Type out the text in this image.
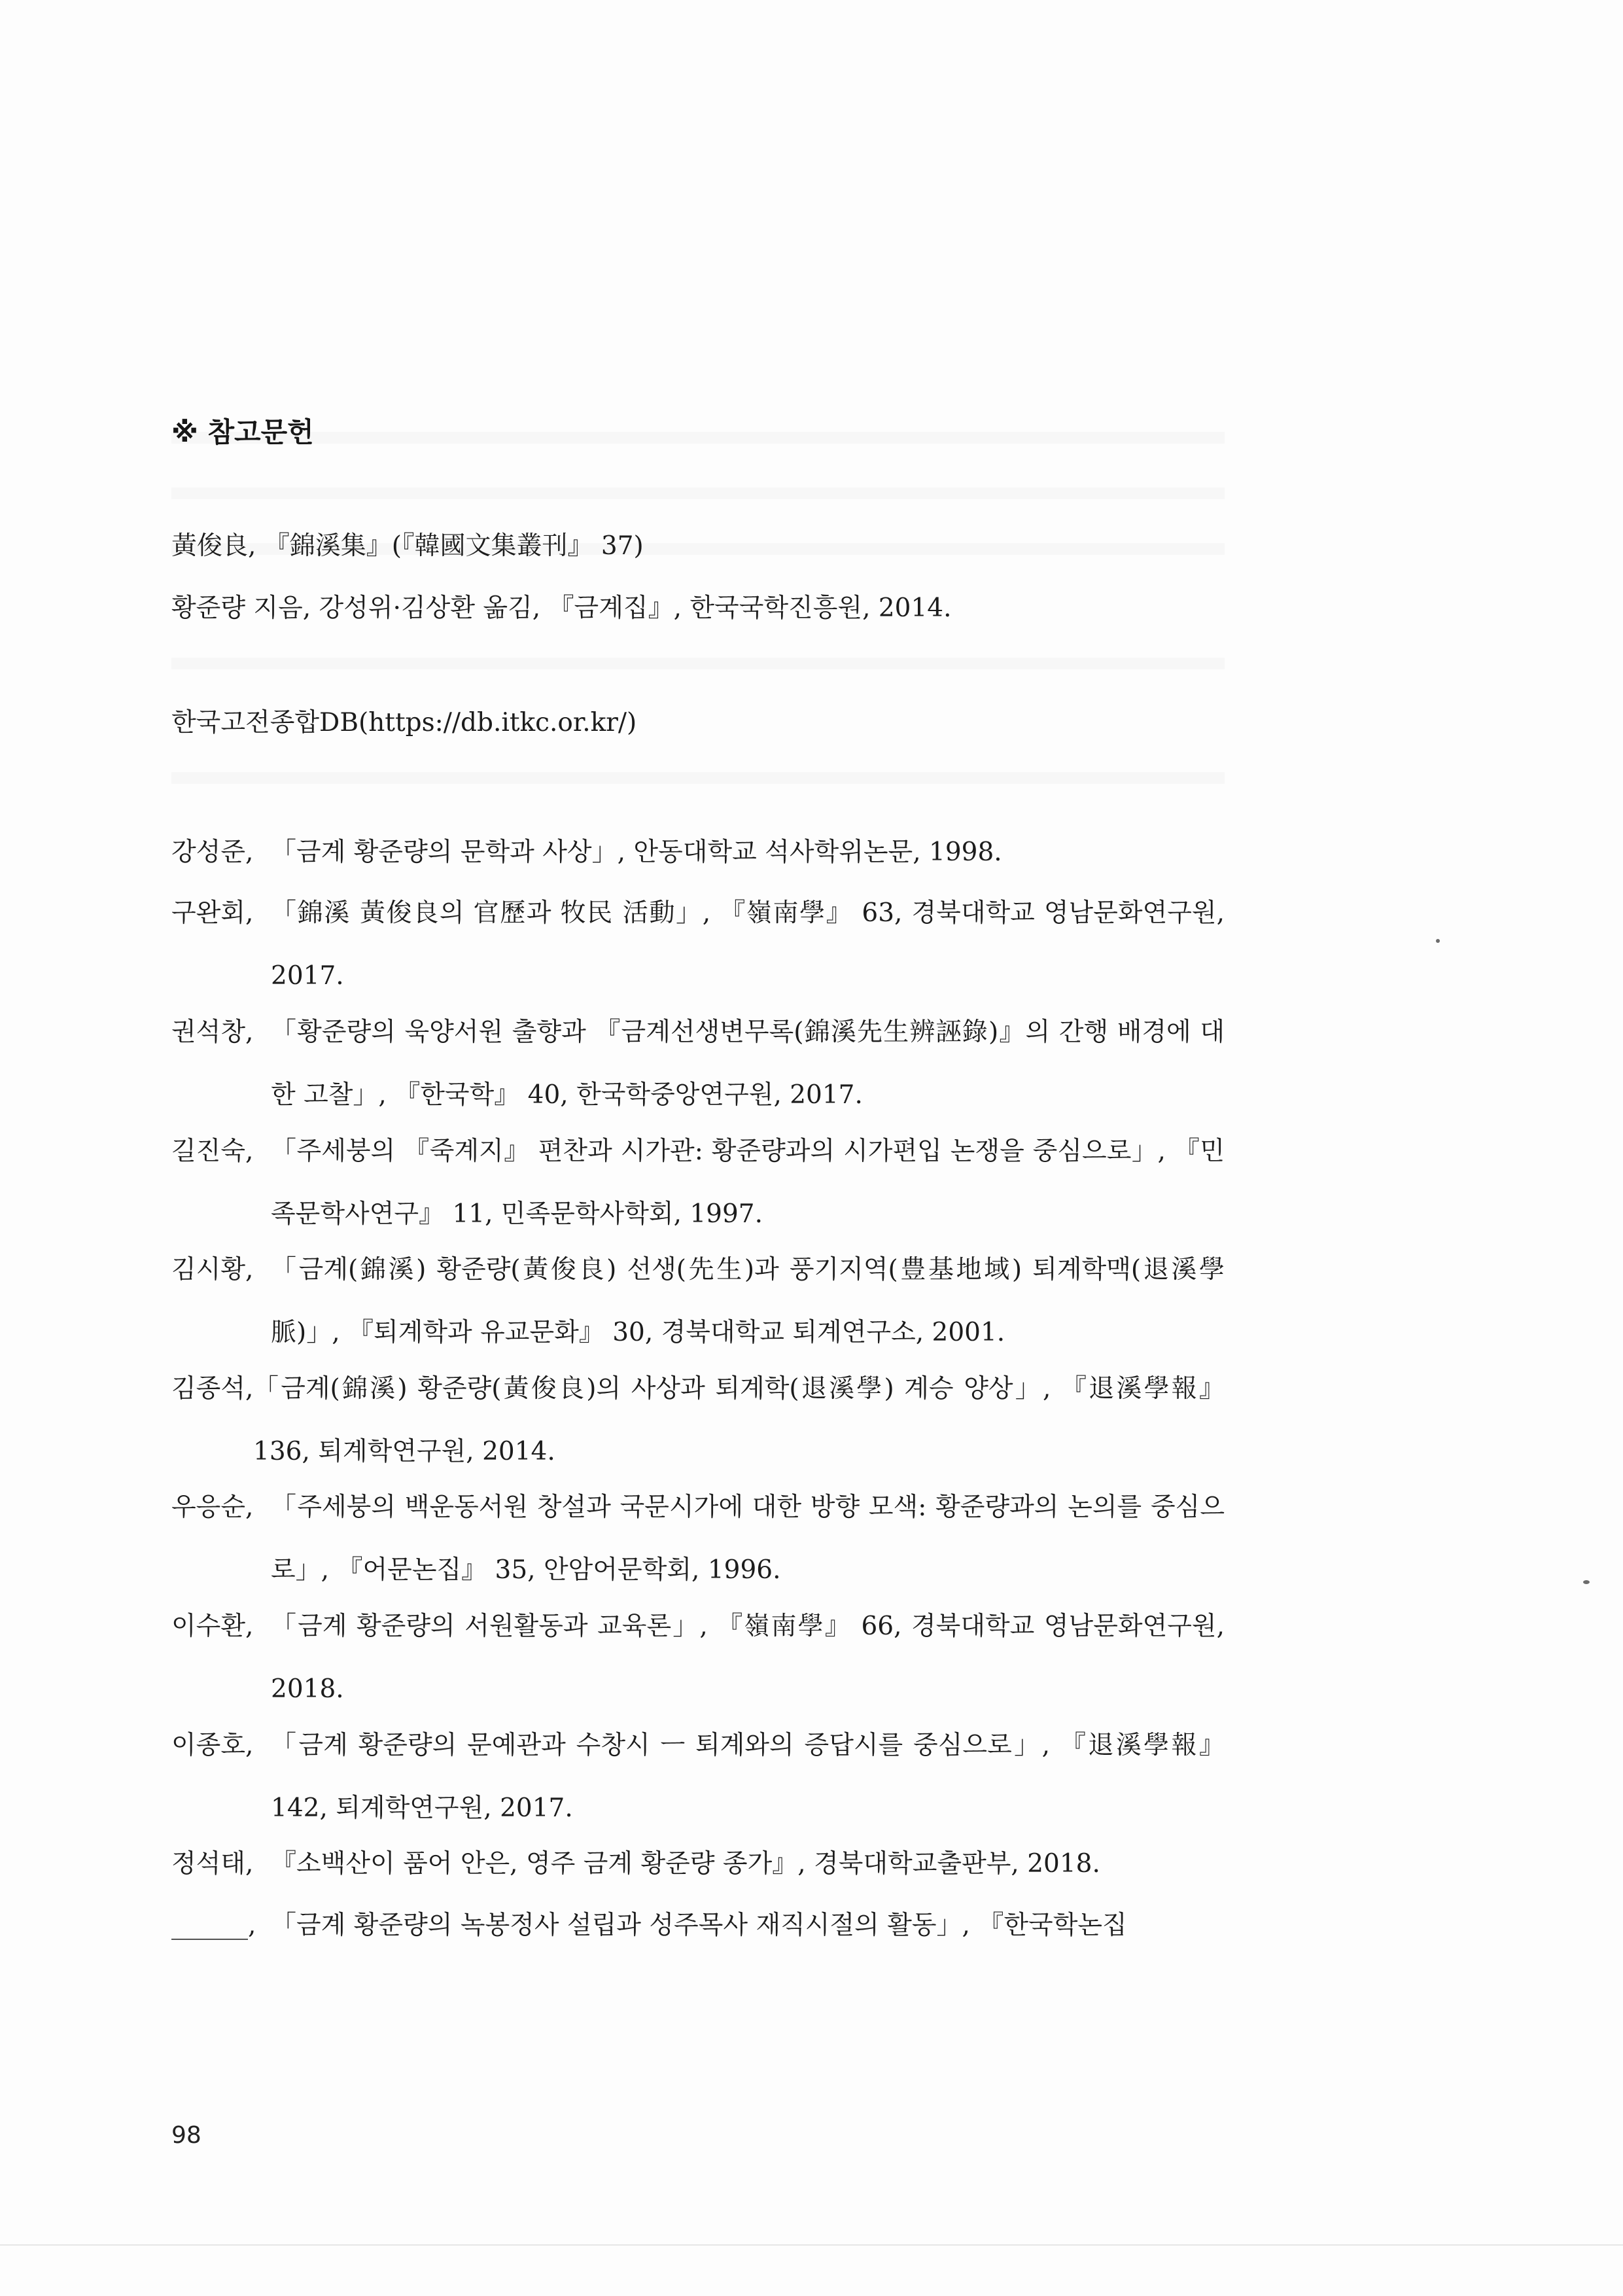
※ 참고문헌
黃俊良, 『錦溪集』(『韓國文集叢刊』 37)
황준량 지음, 강성위·김상환 옮김, 『금계집』, 한국국학진흥원, 2014.
한국고전종합DB(https://db.itkc.or.kr/)
강성준, 「금계 황준량의 문학과 사상」, 안동대학교 석사학위논문, 1998.
구완회, 「錦溪 黃俊良의 官歷과 牧民 活動」, 『嶺南學』 63, 경북대학교 영남문화연구원, 2017.
권석창, 「황준량의 욱양서원 출향과 『금계선생변무록(錦溪先生辨誣錄)』의 간행 배경에 대한 고찰」, 『한국학』 40, 한국학중앙연구원, 2017.
길진숙, 「주세붕의 『죽계지』 편찬과 시가관: 황준량과의 시가편입 논쟁을 중심으로」, 『민족문학사연구』 11, 민족문학사학회, 1997.
김시황, 「금계(錦溪) 황준량(黃俊良) 선생(先生)과 풍기지역(豊基地域) 퇴계학맥(退溪學脈)」, 『퇴계학과 유교문화』 30, 경북대학교 퇴계연구소, 2001.
김종석, 「금계(錦溪) 황준량(黃俊良)의 사상과 퇴계학(退溪學) 계승 양상」, 『退溪學報』 136, 퇴계학연구원, 2014.
우응순, 「주세붕의 백운동서원 창설과 국문시가에 대한 방향 모색: 황준량과의 논의를 중심으로」, 『어문논집』 35, 안암어문학회, 1996.
이수환, 「금계 황준량의 서원활동과 교육론」, 『嶺南學』 66, 경북대학교 영남문화연구원, 2018.
이종호, 「금계 황준량의 문예관과 수창시 ㅡ 퇴계와의 증답시를 중심으로」, 『退溪學報』 142, 퇴계학연구원, 2017.
정석태, 『소백산이 품어 안은, 영주 금계 황준량 종가』, 경북대학교출판부, 2018.
______, 「금계 황준량의 녹봉정사 설립과 성주목사 재직시절의 활동」, 『한국학논집
98
